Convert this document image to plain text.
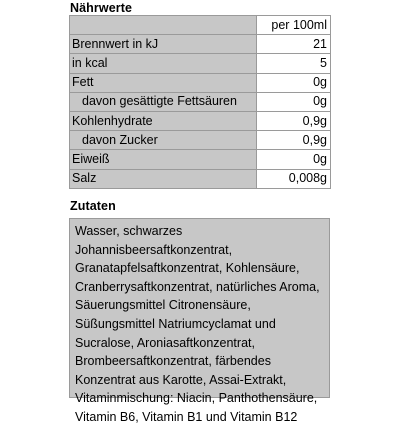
Nährwerte
	per 100ml
Brennwert in kJ	21
in kcal	5
Fett	0g
davon gesättigte Fettsäuren	0g
Kohlenhydrate	0,9g
davon Zucker	0,9g
Eiweiß	0g
Salz	0,008g
Zutaten
Wasser, schwarzes
Johannisbeersaftkonzentrat,
Granatapfelsaftkonzentrat, Kohlensäure,
Cranberrysaftkonzentrat, natürliches Aroma,
Säuerungsmittel Citronensäure,
Süßungsmittel Natriumcyclamat und
Sucralose, Aroniasaftkonzentrat,
Brombeersaftkonzentrat, färbendes
Konzentrat aus Karotte, Assai-Extrakt,
Vitaminmischung: Niacin, Panthothensäure,
Vitamin B6, Vitamin B1 und Vitamin B12
